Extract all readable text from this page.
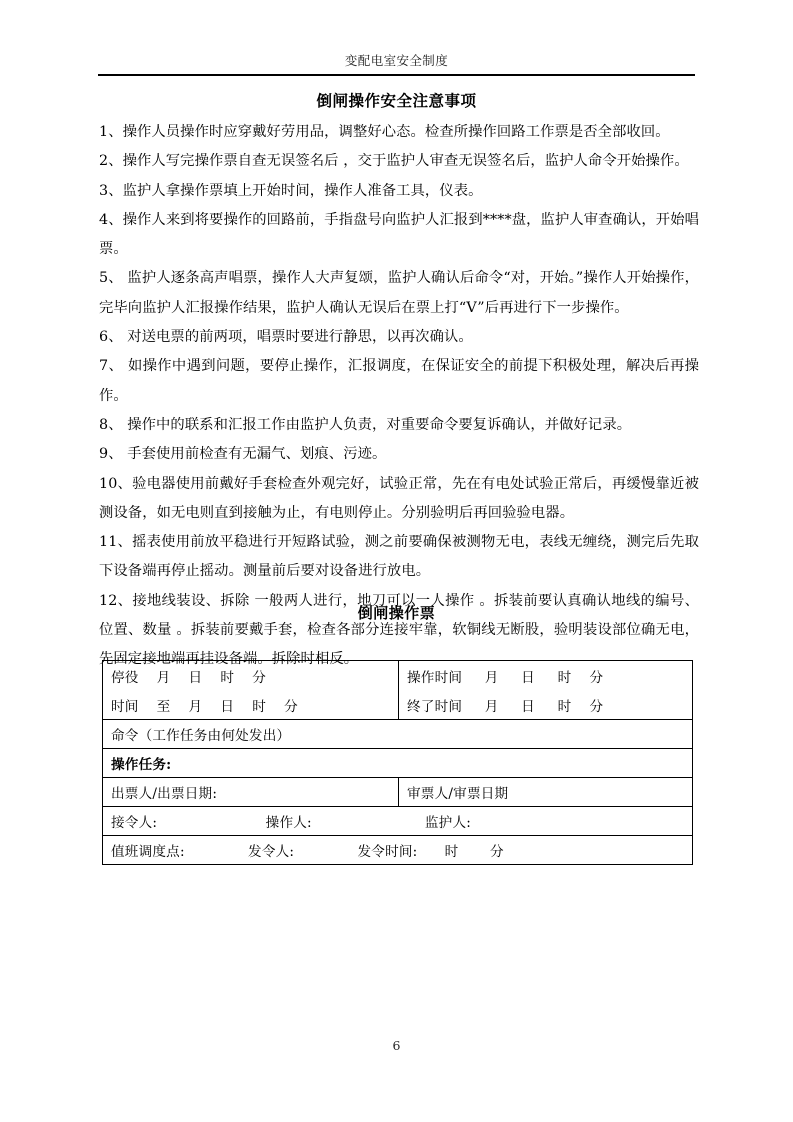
变配电室安全制度
倒闸操作安全注意事项

1、操作人员操作时应穿戴好劳用品，调整好心态。检查所操作回路工作票是否全部收回。

2、操作人写完操作票自查无误签名后 ，交于监护人审查无误签名后，监护人命令开始操作。

3、监护人拿操作票填上开始时间，操作人准备工具，仪表。

4、操作人来到将要操作的回路前，手指盘号向监护人汇报到****盘，监护人审查确认，开始唱票。

5、 监护人逐条高声唱票，操作人大声复颂，监护人确认后命令“对，开始。”操作人开始操作，完毕向监护人汇报操作结果，监护人确认无误后在票上打“V”后再进行下一步操作。

6、 对送电票的前两项，唱票时要进行静思，以再次确认。

7、 如操作中遇到问题，要停止操作，汇报调度，在保证安全的前提下积极处理，解决后再操作。

8、 操作中的联系和汇报工作由监护人负责，对重要命令要复诉确认，并做好记录。

9、 手套使用前检查有无漏气、划痕、污迹。

10、验电器使用前戴好手套检查外观完好，试验正常，先在有电处试验正常后，再缓慢靠近被测设备，如无电则直到接触为止，有电则停止。分别验明后再回验验电器。

11、摇表使用前放平稳进行开短路试验，测之前要确保被测物无电，表线无缠绕，测完后先取下设备端再停止摇动。测量前后要对设备进行放电。

12、接地线装设、拆除 一般两人进行，地刀可以一人操作 。拆装前要认真确认地线的编号、位置、数量 。拆装前要戴手套，检查各部分连接牢靠，软铜线无断股，验明装设部位确无电，先固定接地端再挂设备端。拆除时相反。

倒闸操作票
停役    月    日    时    分	操作时间     月     日     时    分
时间    至    月    日    时    分	终了时间     月     日     时    分
命令（工作任务由何处发出）	
操作任务:	
出票人/出票日期:	审票人/审票日期
接令人:                        操作人:                         监护人:	
值班调度点:              发令人:              发令时间:      时       分	
6
